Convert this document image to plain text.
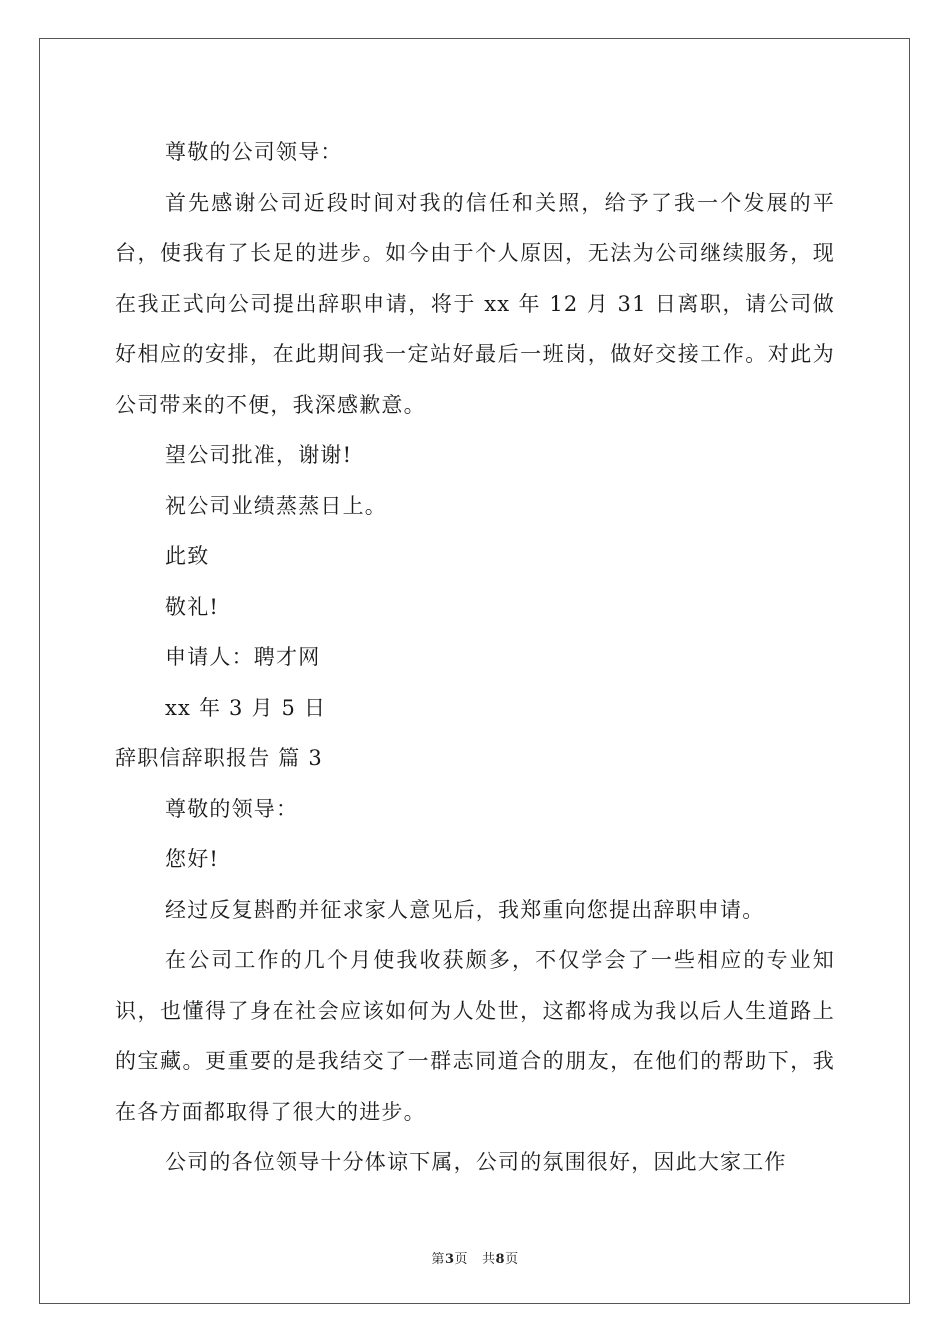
尊敬的公司领导：

首先感谢公司近段时间对我的信任和关照，给予了我一个发展的平台，使我有了长足的进步。如今由于个人原因，无法为公司继续服务，现在我正式向公司提出辞职申请，将于 xx 年 12 月 31 日离职，请公司做好相应的安排，在此期间我一定站好最后一班岗，做好交接工作。对此为公司带来的不便，我深感歉意。

望公司批准，谢谢!

祝公司业绩蒸蒸日上。

此致

敬礼!

申请人：聘才网

xx 年 3 月 5 日

辞职信辞职报告 篇 3

尊敬的领导：

您好!

经过反复斟酌并征求家人意见后，我郑重向您提出辞职申请。

在公司工作的几个月使我收获颇多，不仅学会了一些相应的专业知识，也懂得了身在社会应该如何为人处世，这都将成为我以后人生道路上的宝藏。更重要的是我结交了一群志同道合的朋友，在他们的帮助下，我在各方面都取得了很大的进步。

公司的各位领导十分体谅下属，公司的氛围很好，因此大家工作

第3页 共8页
